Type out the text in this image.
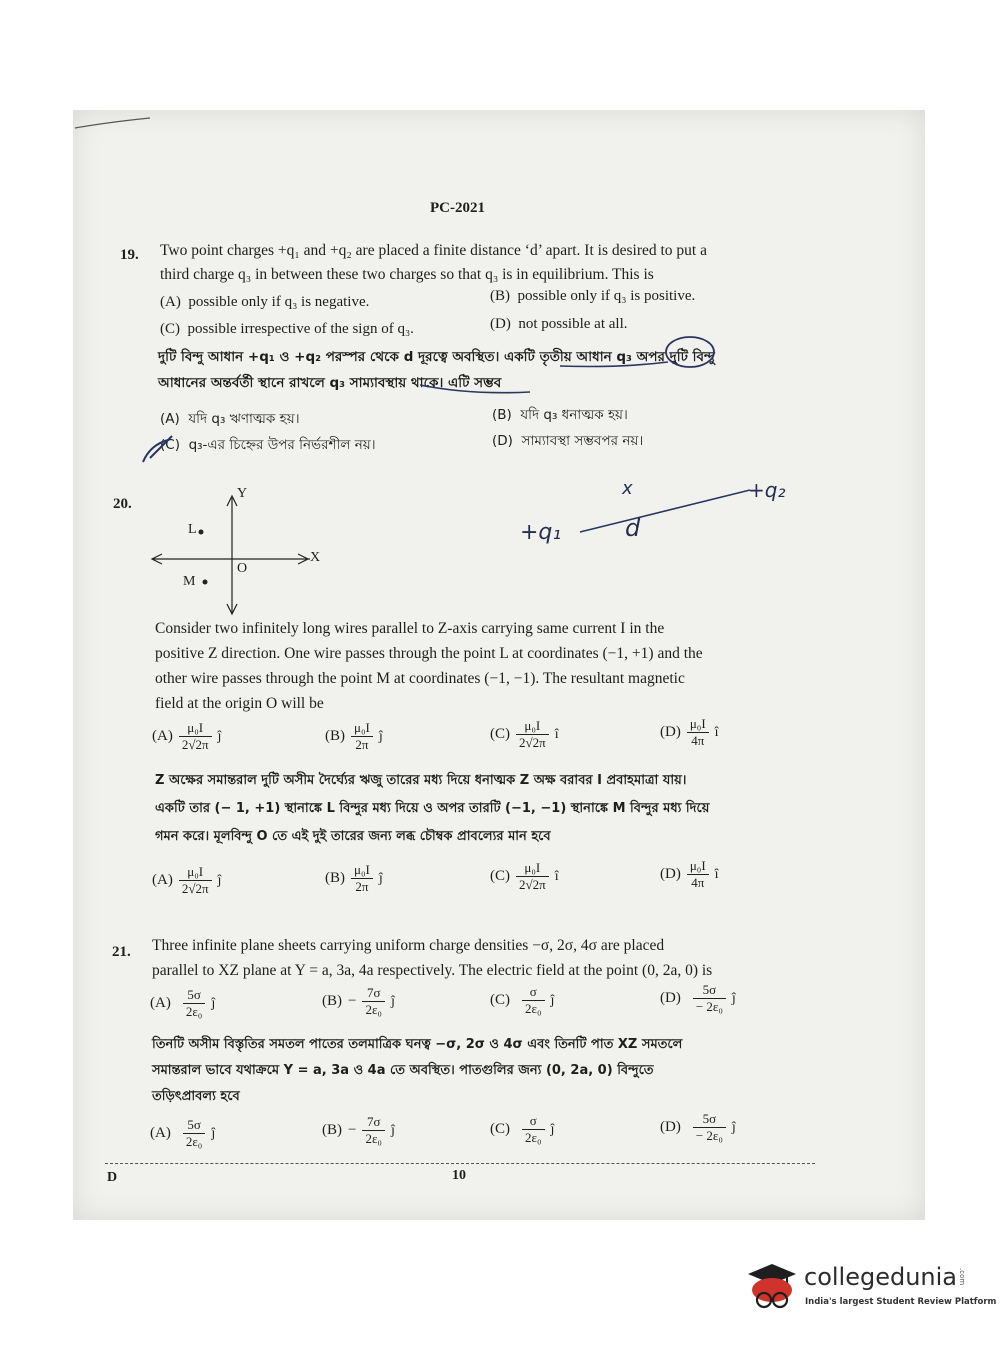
PC-2021
19. Two point charges +q₁ and +q₂ are placed a finite distance ‘d’ apart. It is desired to put a
third charge q₃ in between these two charges so that q₃ is in equilibrium. This is
(A) possible only if q₃ is negative.	(B) possible only if q₃ is positive.
(C) possible irrespective of the sign of q₃.	(D) not possible at all.
দুটি বিন্দু আধান +q₁ ও +q₂ পরস্পর থেকে d দূরত্বে অবস্থিত। একটি তৃতীয় আধান q₃ অপর দুটি বিন্দু
আধানের অন্তর্বর্তী স্থানে রাখলে q₃ সাম্যাবস্থায় থাকে। এটি সম্ভব
(A) যদি q₃ ঋণাত্মক হয়।	(B) যদি q₃ ধনাত্মক হয়।
(C) q₃-এর চিহ্নের উপর নির্ভরশীল নয়।	(D) সাম্যাবস্থা সম্ভবপর নয়।
+q₁	d
x	+q₂
20.
Y
X
O
L
M
Consider two infinitely long wires parallel to Z-axis carrying same current I in the
positive Z direction. One wire passes through the point L at coordinates (−1, +1) and the
other wire passes through the point M at coordinates (−1, −1). The resultant magnetic
field at the origin O will be
$(A) \frac{\text{μ₀I}}{2√2\pi}$ ĵ	$(B) \frac{\text{μ₀I}}{2\pi}$ ĵ	$(C) \frac{\text{μ₀I}}{2√2\pi}$ î	$(D) \frac{\text{μ₀I}}{4\pi}$ î
Z অক্ষের সমান্তরাল দুটি অসীম দৈর্ঘ্যের ঋজু তারের মধ্য দিয়ে ধনাত্মক Z অক্ষ বরাবর I প্রবাহমাত্রা যায়।
একটি তার (− 1, +1) স্থানাঙ্কে L বিন্দুর মধ্য দিয়ে ও অপর তারটি (−1, −1) স্থানাঙ্কে M বিন্দুর মধ্য দিয়ে
গমন করে। মূলবিন্দু O তে এই দুই তারের জন্য লব্ধ চৌম্বক প্রাবল্যের মান হবে
$(A) \frac{\text{μ₀I}}{2√2\pi}$ ĵ	$(B) \frac{\text{μ₀I}}{2\pi}$ ĵ	$(C) \frac{\text{μ₀I}}{2√2\pi}$ î	$(D) \frac{\text{μ₀I}}{4\pi}$ î
21. Three infinite plane sheets carrying uniform charge densities −σ, 2σ, 4σ are placed
parallel to XZ plane at Y = a, 3a, 4a respectively. The electric field at the point (0, 2a, 0) is
$(A) \frac{5\sigma}{\text{2ε₀}}$ ĵ	$(B) - \frac{7\sigma}{\text{2ε₀}}$ ĵ	$(C) \frac{\sigma}{\text{2ε₀}}$ ĵ	$(D) \frac{5\sigma}{\text{− 2ε₀}}$ ĵ
তিনটি অসীম বিস্তৃতির সমতল পাতের তলমাত্রিক ঘনত্ব −σ, 2σ ও 4σ এবং তিনটি পাত XZ সমতলে
সমান্তরাল ভাবে যথাক্রমে Y = a, 3a ও 4a তে অবস্থিত। পাতগুলির জন্য (0, 2a, 0) বিন্দুতে
তড়িৎপ্রাবল্য হবে
$(A) \frac{5\sigma}{\text{2ε₀}}$ ĵ	$(B) - \frac{7\sigma}{\text{2ε₀}}$ ĵ	$(C) \frac{\sigma}{\text{2ε₀}}$ ĵ	$(D) \frac{5\sigma}{\text{− 2ε₀}}$ ĵ
D	10
collegedunia .com
India's largest Student Review Platform
